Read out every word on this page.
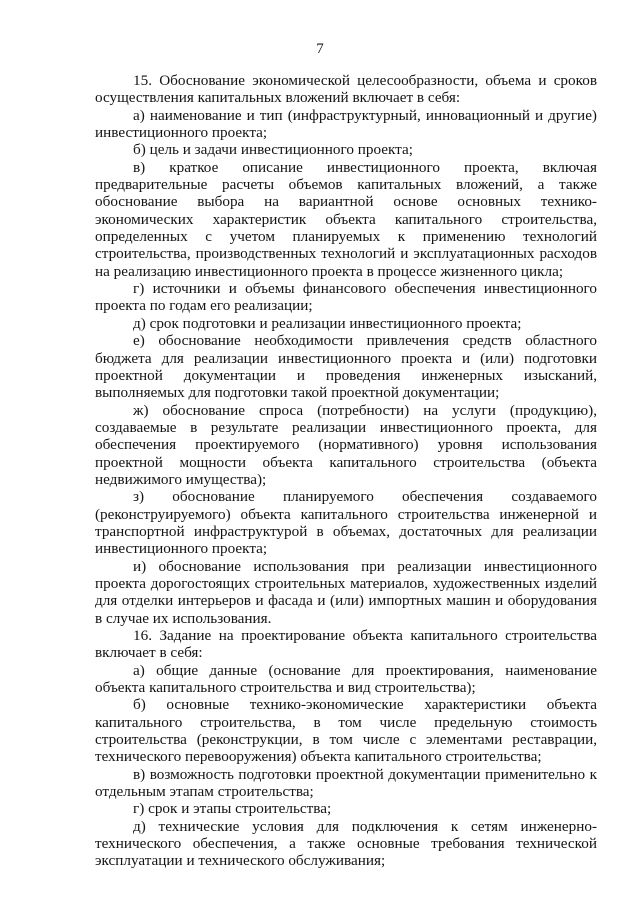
7

15. Обоснование экономической целесообразности, объема и сроков осуществления капитальных вложений включает в себя:

а) наименование и тип (инфраструктурный, инновационный и другие) инвестиционного проекта;

б) цель и задачи инвестиционного проекта;

в) краткое описание инвестиционного проекта, включая предварительные расчеты объемов капитальных вложений, а также обоснование выбора на вариантной основе основных технико-экономических характеристик объекта капитального строительства, определенных с учетом планируемых к применению технологий строительства, производственных технологий и эксплуатационных расходов на реализацию инвестиционного проекта в процессе жизненного цикла;

г) источники и объемы финансового обеспечения инвестиционного проекта по годам его реализации;

д) срок подготовки и реализации инвестиционного проекта;

е) обоснование необходимости привлечения средств областного бюджета для реализации инвестиционного проекта и (или) подготовки проектной документации и проведения инженерных изысканий, выполняемых для подготовки такой проектной документации;

ж) обоснование спроса (потребности) на услуги (продукцию), создаваемые в результате реализации инвестиционного проекта, для обеспечения проектируемого (нормативного) уровня использования проектной мощности объекта капитального строительства (объекта недвижимого имущества);

з) обоснование планируемого обеспечения создаваемого (реконструируемого) объекта капитального строительства инженерной и транспортной инфраструктурой в объемах, достаточных для реализации инвестиционного проекта;

и) обоснование использования при реализации инвестиционного проекта дорогостоящих строительных материалов, художественных изделий для отделки интерьеров и фасада и (или) импортных машин и оборудования в случае их использования.

16. Задание на проектирование объекта капитального строительства включает в себя:

а) общие данные (основание для проектирования, наименование объекта капитального строительства и вид строительства);

б) основные технико-экономические характеристики объекта капитального строительства, в том числе предельную стоимость строительства (реконструкции, в том числе с элементами реставрации, технического перевооружения) объекта капитального строительства;

в) возможность подготовки проектной документации применительно к отдельным этапам строительства;

г) срок и этапы строительства;

д) технические условия для подключения к сетям инженерно-технического обеспечения, а также основные требования технической эксплуатации и технического обслуживания;
